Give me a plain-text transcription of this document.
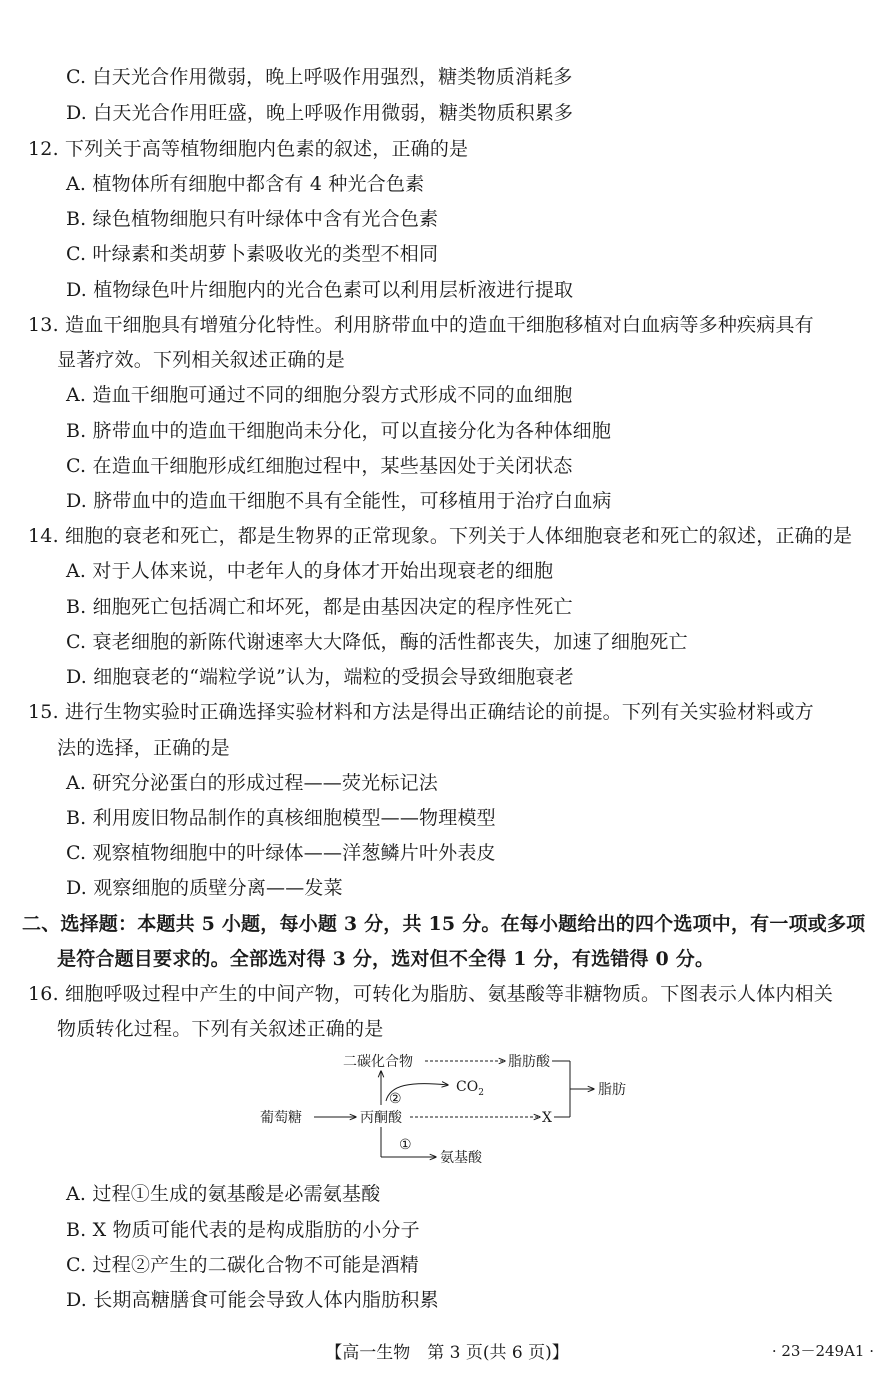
C. 白天光合作用微弱，晚上呼吸作用强烈，糖类物质消耗多
D. 白天光合作用旺盛，晚上呼吸作用微弱，糖类物质积累多
12. 下列关于高等植物细胞内色素的叙述，正确的是
A. 植物体所有细胞中都含有 4 种光合色素
B. 绿色植物细胞只有叶绿体中含有光合色素
C. 叶绿素和类胡萝卜素吸收光的类型不相同
D. 植物绿色叶片细胞内的光合色素可以利用层析液进行提取
13. 造血干细胞具有增殖分化特性。利用脐带血中的造血干细胞移植对白血病等多种疾病具有
显著疗效。下列相关叙述正确的是
A. 造血干细胞可通过不同的细胞分裂方式形成不同的血细胞
B. 脐带血中的造血干细胞尚未分化，可以直接分化为各种体细胞
C. 在造血干细胞形成红细胞过程中，某些基因处于关闭状态
D. 脐带血中的造血干细胞不具有全能性，可移植用于治疗白血病
14. 细胞的衰老和死亡，都是生物界的正常现象。下列关于人体细胞衰老和死亡的叙述，正确的是
A. 对于人体来说，中老年人的身体才开始出现衰老的细胞
B. 细胞死亡包括凋亡和坏死，都是由基因决定的程序性死亡
C. 衰老细胞的新陈代谢速率大大降低，酶的活性都丧失，加速了细胞死亡
D. 细胞衰老的“端粒学说”认为，端粒的受损会导致细胞衰老
15. 进行生物实验时正确选择实验材料和方法是得出正确结论的前提。下列有关实验材料或方
法的选择，正确的是
A. 研究分泌蛋白的形成过程——荧光标记法
B. 利用废旧物品制作的真核细胞模型——物理模型
C. 观察植物细胞中的叶绿体——洋葱鳞片叶外表皮
D. 观察细胞的质壁分离——发菜
二、选择题：本题共 5 小题，每小题 3 分，共 15 分。在每小题给出的四个选项中，有一项或多项
是符合题目要求的。全部选对得 3 分，选对但不全得 1 分，有选错得 0 分。
16. 细胞呼吸过程中产生的中间产物，可转化为脂肪、氨基酸等非糖物质。下图表示人体内相关
物质转化过程。下列有关叙述正确的是
二碳化合物	脂肪酸
$CO_2$
②
葡萄糖	丙酮酸	X
脂肪
①
氨基酸
A. 过程①生成的氨基酸是必需氨基酸
B. X 物质可能代表的是构成脂肪的小分子
C. 过程②产生的二碳化合物不可能是酒精
D. 长期高糖膳食可能会导致人体内脂肪积累
【高一生物　第 3 页(共 6 页)】	· 23－249A1 ·
